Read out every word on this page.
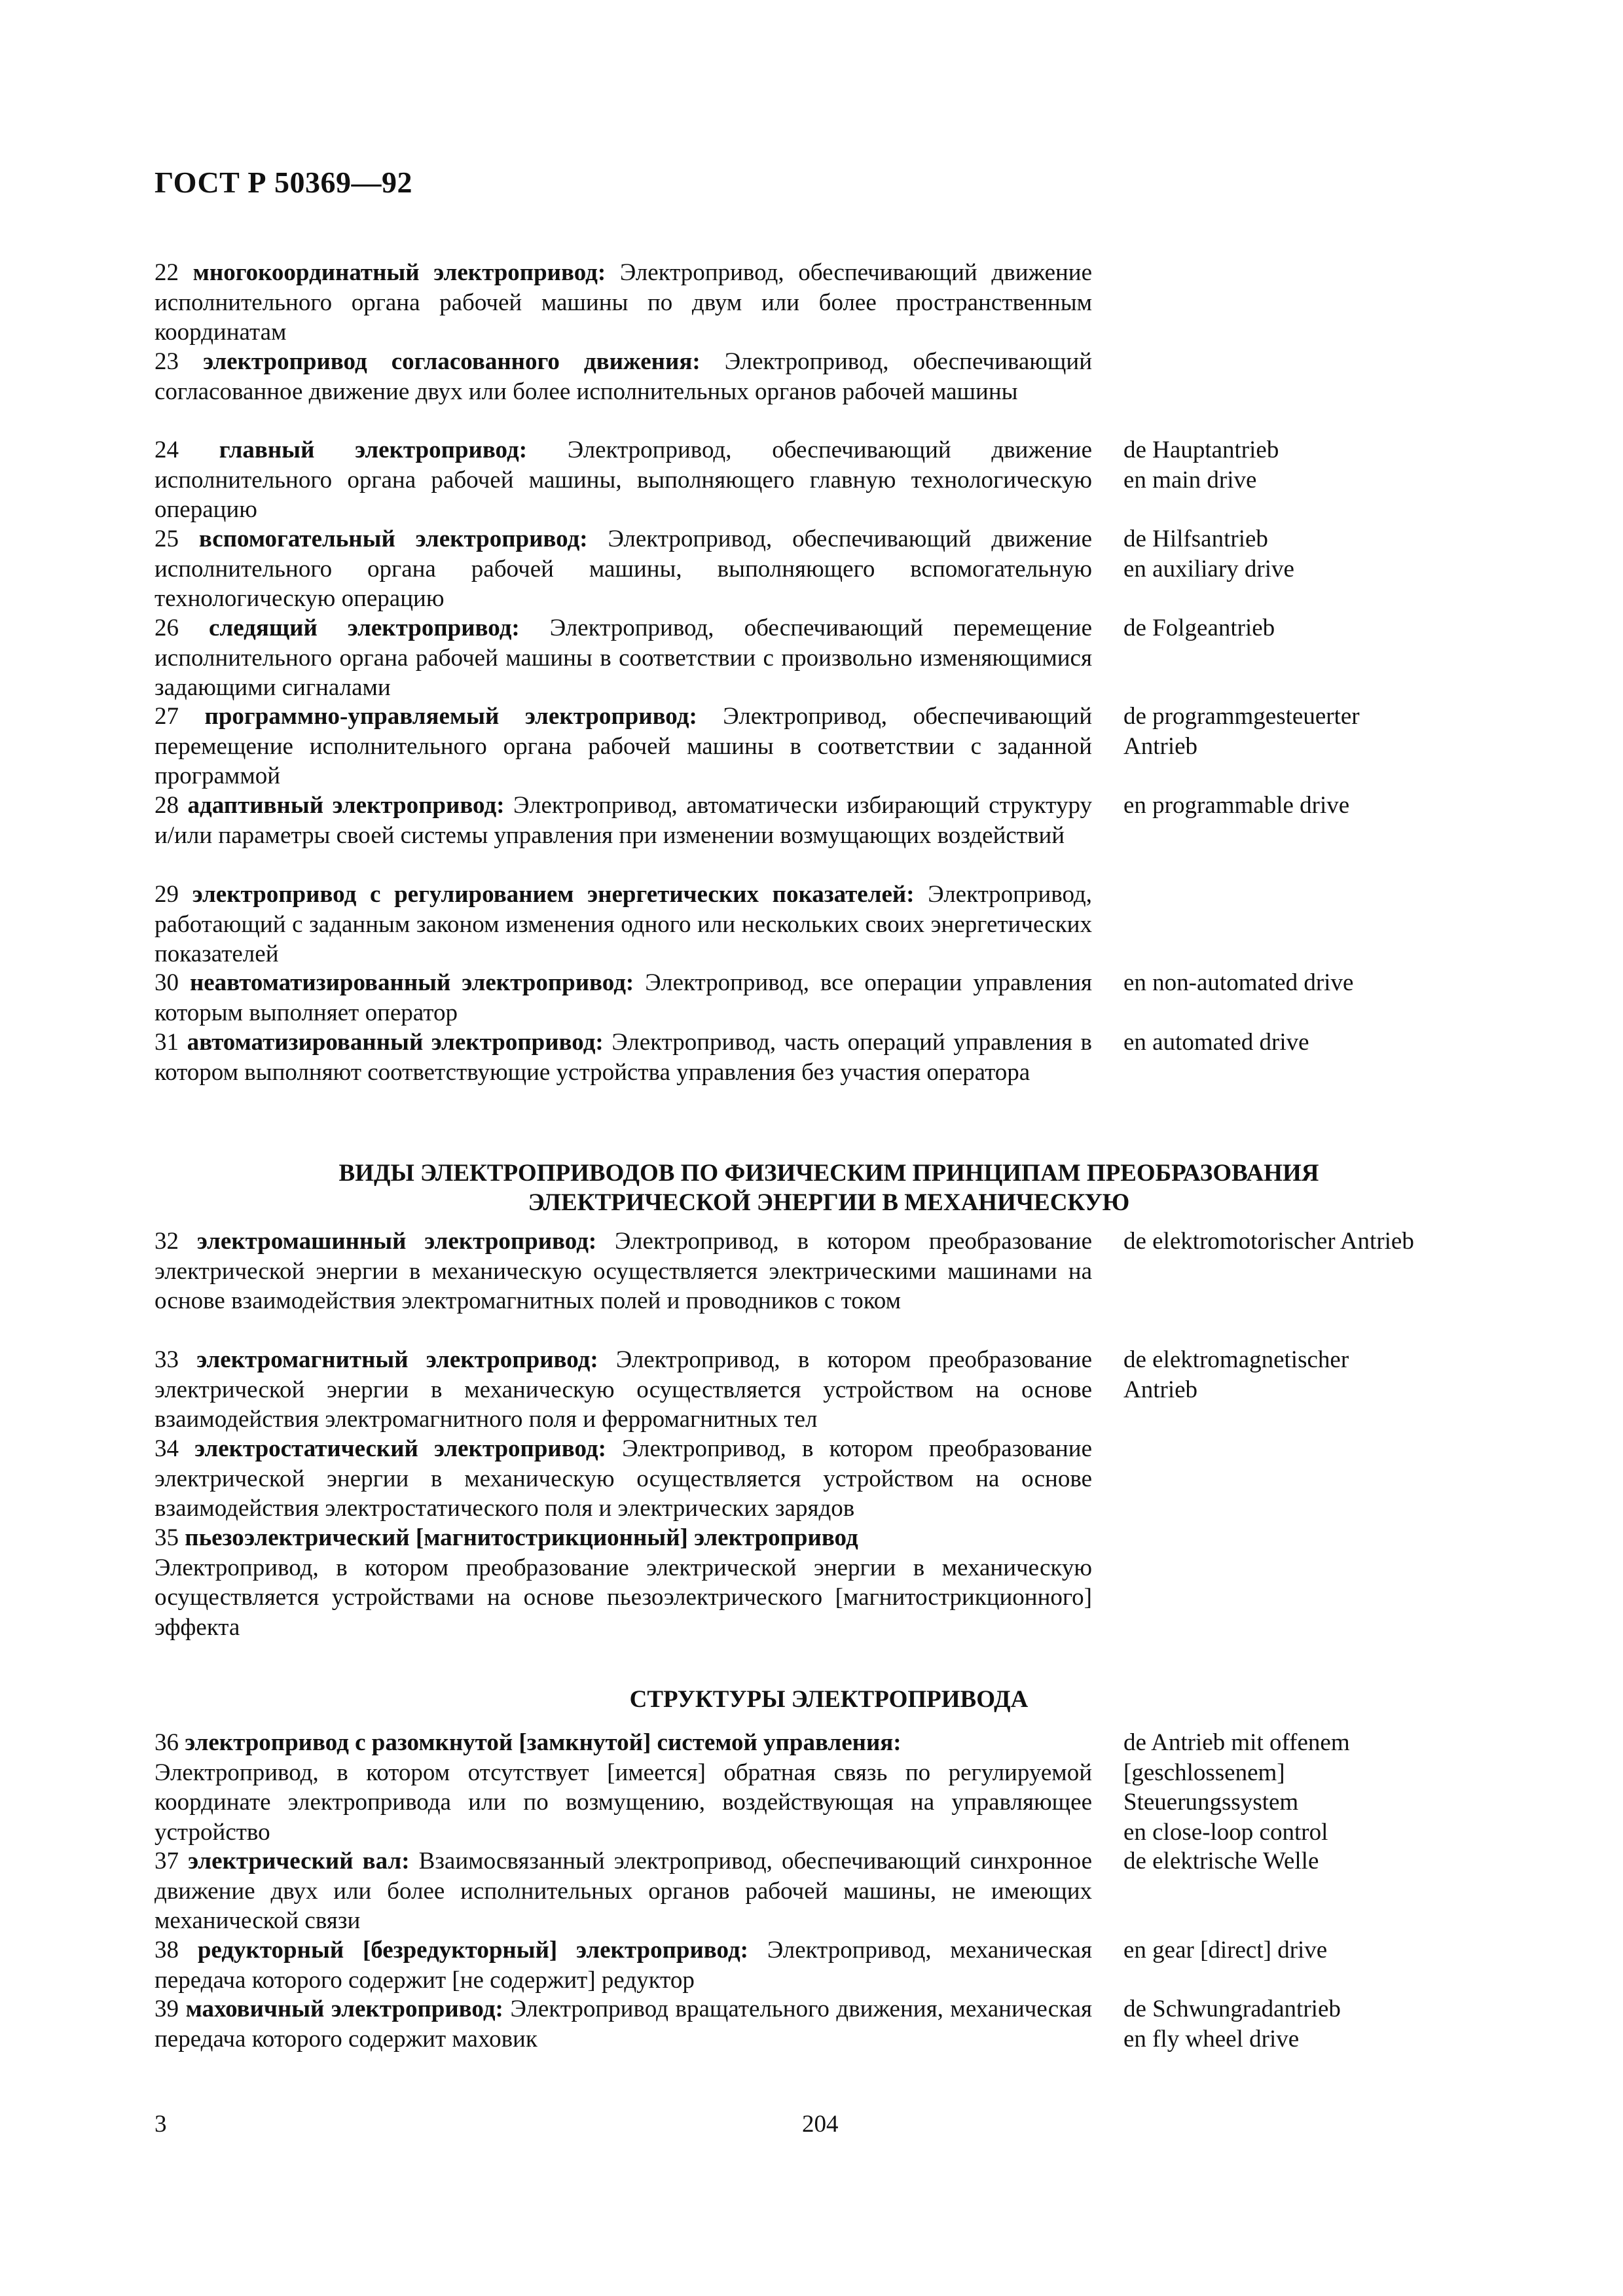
ГОСТ Р 50369—92
22 многокоординатный электропривод: Электропривод, обеспечивающий движение исполнительного органа рабочей машины по двум или более пространственным координатам
23 электропривод согласованного движения: Электропривод, обеспечивающий согласованное движение двух или более исполнительных органов рабочей машины
24 главный электропривод: Электропривод, обеспечивающий движение исполнительного органа рабочей машины, выполняющего главную технологическую операцию
de Hauptantrieb
en main drive
25 вспомогательный электропривод: Электропривод, обеспечивающий движение исполнительного органа рабочей машины, выполняющего вспомогательную технологическую операцию
de Hilfsantrieb
en auxiliary drive
26 следящий электропривод: Электропривод, обеспечивающий перемещение исполнительного органа рабочей машины в соответствии с произвольно изменяющимися задающими сигналами
de Folgeantrieb
27 программно-управляемый электропривод: Электропривод, обеспечивающий перемещение исполнительного органа рабочей машины в соответствии с заданной программой
de programmgesteuerter
Antrieb
28 адаптивный электропривод: Электропривод, автоматически избирающий структуру и/или параметры своей системы управления при изменении возмущающих воздействий
en programmable drive
29 электропривод с регулированием энергетических показателей: Электропривод, работающий с заданным законом изменения одного или нескольких своих энергетических показателей
30 неавтоматизированный электропривод: Электропривод, все операции управления которым выполняет оператор
en non-automated drive
31 автоматизированный электропривод: Электропривод, часть операций управления в котором выполняют соответствующие устройства управления без участия оператора
en automated drive
ВИДЫ ЭЛЕКТРОПРИВОДОВ ПО ФИЗИЧЕСКИМ ПРИНЦИПАМ ПРЕОБРАЗОВАНИЯ
ЭЛЕКТРИЧЕСКОЙ ЭНЕРГИИ В МЕХАНИЧЕСКУЮ
32 электромашинный электропривод: Электропривод, в котором преобразование электрической энергии в механическую осуществляется электрическими машинами на основе взаимодействия электромагнитных полей и проводников с током
de elektromotorischer Antrieb
33 электромагнитный электропривод: Электропривод, в котором преобразование электрической энергии в механическую осуществляется устройством на основе взаимодействия электромагнитного поля и ферромагнитных тел
de elektromagnetischer
Antrieb
34 электростатический электропривод: Электропривод, в котором преобразование электрической энергии в механическую осуществляется устройством на основе взаимодействия электростатического поля и электрических зарядов
35 пьезоэлектрический [магнитострикционный] электропривод
Электропривод, в котором преобразование электрической энергии в механическую осуществляется устройствами на основе пьезоэлектрического [магнитострикционного] эффекта
СТРУКТУРЫ ЭЛЕКТРОПРИВОДА
36 электропривод с разомкнутой [замкнутой] системой управления:
Электропривод, в котором отсутствует [имеется] обратная связь по регулируемой координате электропривода или по возмущению, воздействующая на управляющее устройство
de Antrieb mit offenem
[geschlossenem]
Steuerungssystem
en close-loop control
37 электрический вал: Взаимосвязанный электропривод, обеспечивающий синхронное движение двух или более исполнительных органов рабочей машины, не имеющих механической связи
de elektrische Welle
38 редукторный [безредукторный] электропривод: Электропривод, механическая передача которого содержит [не содержит] редуктор
en gear [direct] drive
39 маховичный электропривод: Электропривод вращательного движения, механическая передача которого содержит маховик
de Schwungradantrieb
en fly wheel drive
3	204
